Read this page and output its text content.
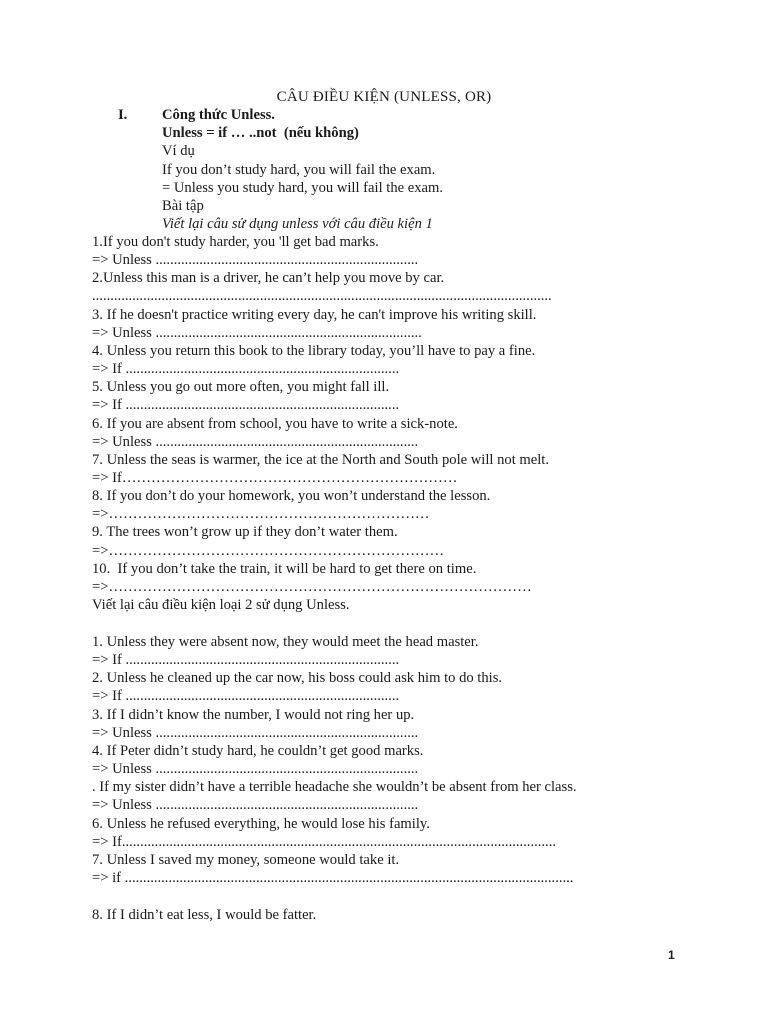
CÂU ĐIỀU KIỆN (UNLESS, OR)
I. Công thức Unless.
Unless = if … ..not  (nếu không)
Ví dụ
If you don’t study hard, you will fail the exam.
= Unless you study hard, you will fail the exam.
Bài tập
Viết lại câu sử dụng unless với câu điều kiện 1
1.If you don't study harder, you 'll get bad marks.
=> Unless ........................................................................
2.Unless this man is a driver, he can’t help you move by car.
..............................................................................................................................
3. If he doesn't practice writing every day, he can't improve his writing skill.
=> Unless .........................................................................
4. Unless you return this book to the library today, you’ll have to pay a fine.
=> If ...........................................................................
5. Unless you go out more often, you might fall ill.
=> If ...........................................................................
6. If you are absent from school, you have to write a sick-note.
=> Unless ........................................................................
7. Unless the seas is warmer, the ice at the North and South pole will not melt.
=> If……………………………………………………………
8. If you don’t do your homework, you won’t understand the lesson.
=>…………………………………………………………
9. The trees won’t grow up if they don’t water them.
=>……………………………………………………………
10.  If you don’t take the train, it will be hard to get there on time.
=>……………………………………………………………………………
Viết lại câu điều kiện loại 2 sử dụng Unless.
1. Unless they were absent now, they would meet the head master.
=> If ...........................................................................
2. Unless he cleaned up the car now, his boss could ask him to do this.
=> If ...........................................................................
3. If I didn’t know the number, I would not ring her up.
=> Unless ........................................................................
4. If Peter didn’t study hard, he couldn’t get good marks.
=> Unless ........................................................................
. If my sister didn’t have a terrible headache she wouldn’t be absent from her class.
=> Unless ........................................................................
6. Unless he refused everything, he would lose his family.
=> If.......................................................................................................................
7. Unless I saved my money, someone would take it.
=> if ...........................................................................................................................
8. If I didn’t eat less, I would be fatter.
1
